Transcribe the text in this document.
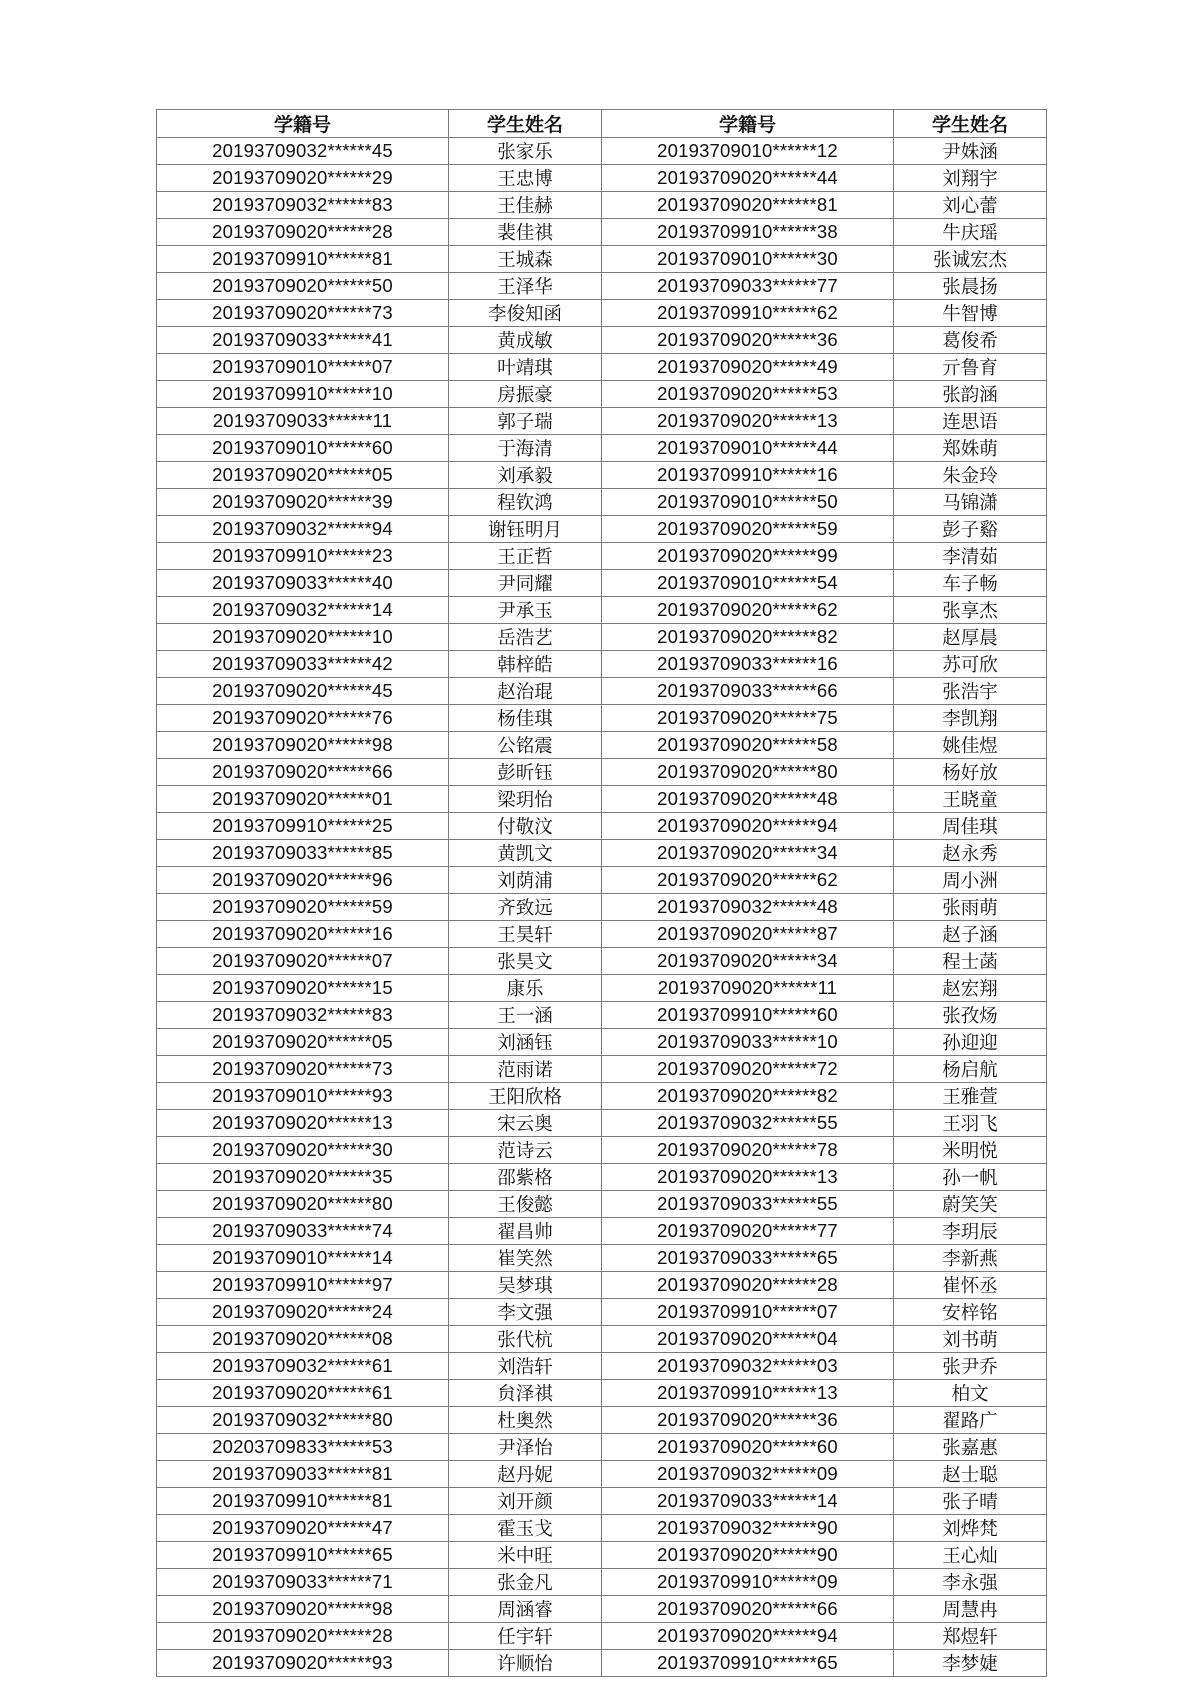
学籍号	学生姓名	学籍号	学生姓名
20193709032******45	张家乐	20193709010******12	尹姝涵
20193709020******29	王忠博	20193709020******44	刘翔宇
20193709032******83	王佳赫	20193709020******81	刘心蕾
20193709020******28	裴佳祺	20193709910******38	牛庆瑶
20193709910******81	王城森	20193709010******30	张诚宏杰
20193709020******50	王泽华	20193709033******77	张晨扬
20193709020******73	李俊知函	20193709910******62	牛智博
20193709033******41	黄成敏	20193709020******36	葛俊希
20193709010******07	叶靖琪	20193709020******49	亓鲁育
20193709910******10	房振豪	20193709020******53	张韵涵
20193709033******11	郭子瑞	20193709020******13	连思语
20193709010******60	于海清	20193709010******44	郑姝萌
20193709020******05	刘承毅	20193709910******16	朱金玲
20193709020******39	程钦鸿	20193709010******50	马锦潇
20193709032******94	谢钰明月	20193709020******59	彭子谿
20193709910******23	王正哲	20193709020******99	李清茹
20193709033******40	尹同耀	20193709010******54	车子畅
20193709032******14	尹承玉	20193709020******62	张享杰
20193709020******10	岳浩艺	20193709020******82	赵厚晨
20193709033******42	韩梓皓	20193709033******16	苏可欣
20193709020******45	赵治琨	20193709033******66	张浩宇
20193709020******76	杨佳琪	20193709020******75	李凯翔
20193709020******98	公铭震	20193709020******58	姚佳煜
20193709020******66	彭昕钰	20193709020******80	杨好放
20193709020******01	梁玥怡	20193709020******48	王晓童
20193709910******25	付敬汶	20193709020******94	周佳琪
20193709033******85	黄凯文	20193709020******34	赵永秀
20193709020******96	刘荫浦	20193709020******62	周小洲
20193709020******59	齐致远	20193709032******48	张雨萌
20193709020******16	王昊轩	20193709020******87	赵子涵
20193709020******07	张昊文	20193709020******34	程士菡
20193709020******15	康乐	20193709020******11	赵宏翔
20193709032******83	王一涵	20193709910******60	张孜炀
20193709020******05	刘涵钰	20193709033******10	孙迎迎
20193709020******73	范雨诺	20193709020******72	杨启航
20193709010******93	王阳欣格	20193709020******82	王雅萱
20193709020******13	宋云奥	20193709032******55	王羽飞
20193709020******30	范诗云	20193709020******78	米明悦
20193709020******35	邵紫格	20193709020******13	孙一帆
20193709020******80	王俊懿	20193709033******55	蔚笑笑
20193709033******74	翟昌帅	20193709020******77	李玥辰
20193709010******14	崔笑然	20193709033******65	李新燕
20193709910******97	吴梦琪	20193709020******28	崔怀丞
20193709020******24	李文强	20193709910******07	安梓铭
20193709020******08	张代杭	20193709020******04	刘书萌
20193709032******61	刘浩轩	20193709032******03	张尹乔
20193709020******61	贠泽祺	20193709910******13	柏文
20193709032******80	杜奥然	20193709020******36	翟路广
20203709833******53	尹泽怡	20193709020******60	张嘉惠
20193709033******81	赵丹妮	20193709032******09	赵士聪
20193709910******81	刘开颜	20193709033******14	张子晴
20193709020******47	霍玉戈	20193709032******90	刘烨梵
20193709910******65	米中旺	20193709020******90	王心灿
20193709033******71	张金凡	20193709910******09	李永强
20193709020******98	周涵睿	20193709020******66	周慧冉
20193709020******28	任宇轩	20193709020******94	郑煜轩
20193709020******93	许顺怡	20193709910******65	李梦婕
